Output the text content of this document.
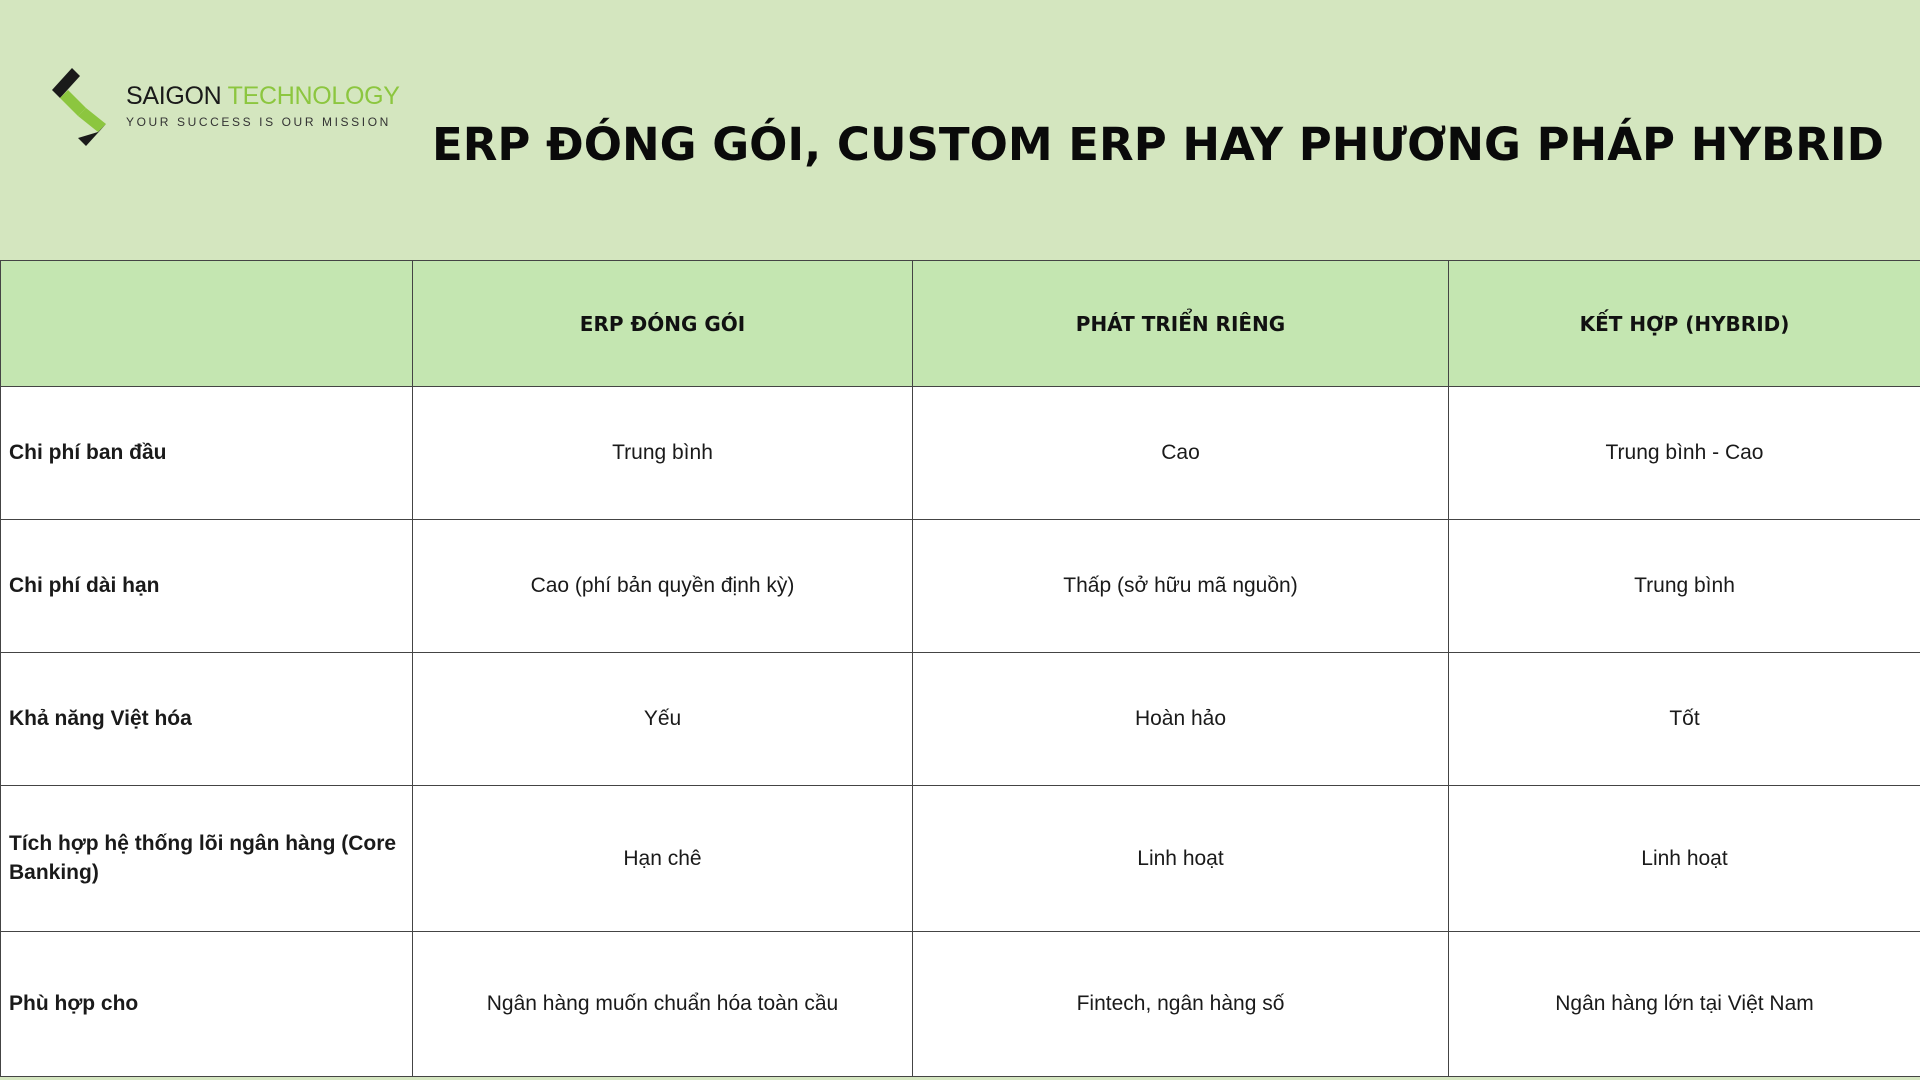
SAIGON TECHNOLOGY
YOUR SUCCESS IS OUR MISSION ERP ĐÓNG GÓI, CUSTOM ERP HAY PHƯƠNG PHÁP HYBRID
	ERP ĐÓNG GÓI	PHÁT TRIỂN RIÊNG	KẾT HỢP (HYBRID)
Chi phí ban đầu	Trung bình	Cao	Trung bình - Cao
Chi phí dài hạn	Cao (phí bản quyền định kỳ)	Thấp (sở hữu mã nguồn)	Trung bình
Khả năng Việt hóa	Yếu	Hoàn hảo	Tốt
Tích hợp hệ thống lõi ngân hàng (Core Banking)	Hạn chê	Linh hoạt	Linh hoạt
Phù hợp cho	Ngân hàng muốn chuẩn hóa toàn cầu	Fintech, ngân hàng số	Ngân hàng lớn tại Việt Nam
